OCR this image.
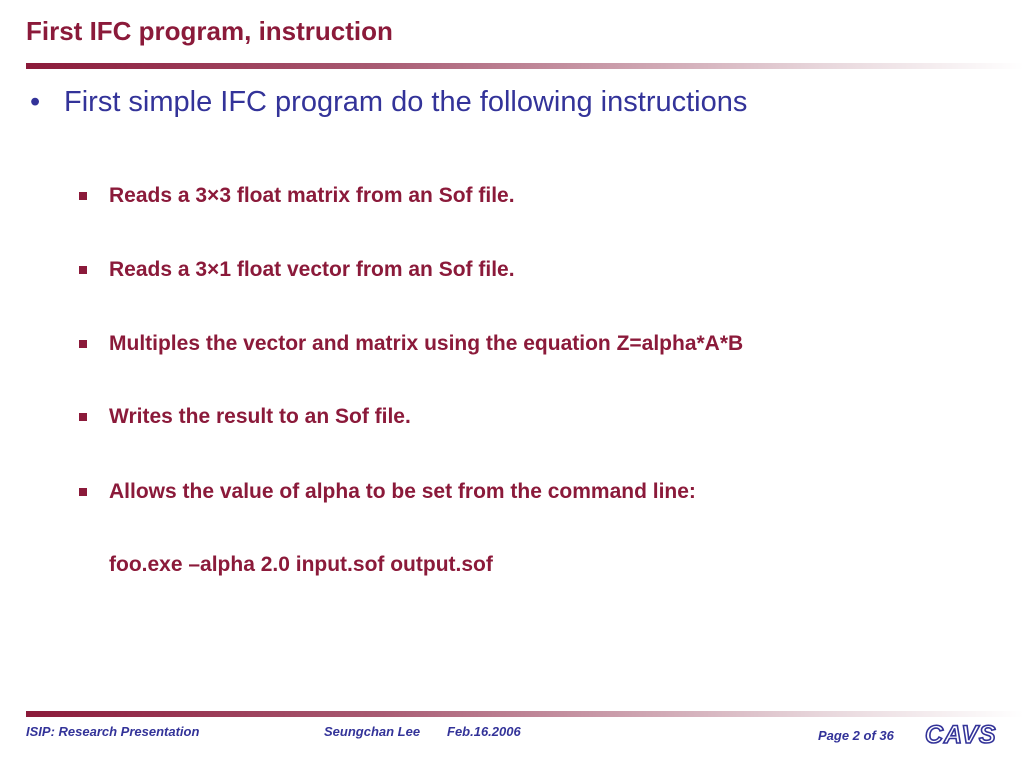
First IFC program, instruction
• First simple IFC program do the following instructions
Reads a 3×3 float matrix from an Sof file.
Reads a 3×1 float vector from an Sof file.
Multiples the vector and matrix using the equation Z=alpha*A*B
Writes the result to an Sof file.
Allows the value of alpha to be set from the command line:
foo.exe –alpha 2.0 input.sof output.sof
ISIP: Research Presentation	Seungchan Lee Feb.16.2006	Page 2 of 36 CAVS
